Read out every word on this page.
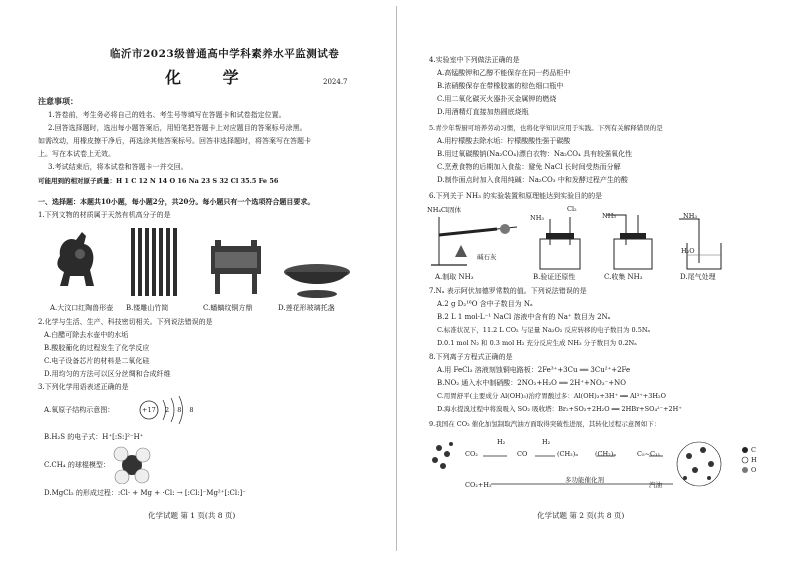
临沂市2023级普通高中学科素养水平监测试卷
化 学	2024.7
注意事项：
1.答卷前，考生务必将自己的姓名、考生号等填写在答题卡和试卷指定位置。
2.回答选择题时，选出每小题答案后，用铅笔把答题卡上对应题目的答案标号涂黑。
如需改动，用橡皮擦干净后，再选涂其他答案标号。回答非选择题时，将答案写在答题卡
上。写在本试卷上无效。
3.考试结束后，将本试卷和答题卡一并交回。
可能用到的相对原子质量：H 1 C 12 N 14 O 16 Na 23 S 32 Cl 35.5 Fe 56
一、选择题：本题共10小题，每小题2分，共20分。每小题只有一个选项符合题目要求。
1.下列文物的材质属于天然有机高分子的是
A.大汶口红陶兽形壶 B.镂雕山竹简	C.蟠螭纹铜方鼎	D.莲花形玻璃托盏
2.化学与生活、生产、科技密切相关。下列说法错误的是
A.白醋可除去水壶中的水垢
B.酸胶葡化的过程发生了化学反应
C.电子设备芯片的材料是二氧化硅
D.用均匀的方法可以区分丝绸和合成纤维
3.下列化学用语表述正确的是
A.氧原子结构示意图：	+17 2 8 8
B.H₂S 的电子式：H⁺[:S:]²⁻H⁺
C.CH₄ 的球棍模型：
D.MgCl₂ 的形成过程：:Cl· + Mg + ·Cl: → [:Cl:]⁻Mg²⁺[:Cl:]⁻
化学试题 第 1 页(共 8 页)
4.实验室中下列做法正确的是
A.高锰酸钾和乙醇不能保存在同一药品柜中
B.浓硝酸保存在带橡胶塞的棕色细口瓶中
C.用二氧化碳灭火器扑灭金属钾的燃烧
D.用酒精灯直接加热圆底烧瓶
5.青少年帮厨可培养劳动习惯，也将化学知识应用于实践。下列有关解释错误的是
A.用柠檬酸去除水垢：柠檬酸酸性强于碳酸
B.用过氧碳酸钠(Na₂CO₄)漂白衣物：Na₂CO₄ 具有较强氧化性
C.烹煮食物的后期加入食盐：避免 NaCl 长时间受热而分解
D.制作面点时加入食用纯碱：Na₂CO₃ 中和发酵过程产生的酸
6.下列关于 NH₃ 的实验装置和原理能达到实验目的的是
NH₄Cl固体
碱石灰
NH₃
Cl₂
NH₃	NH₃
H₂O
A.制取 NH₃	B.验证还原性	C.收集 NH₃	D.尾气处理
7.Nₐ 表示阿伏加德罗常数的值。下列说法错误的是
A.2 g D₂¹⁶O 含中子数目为 Nₐ
B.2 L 1 mol·L⁻¹ NaCl 溶液中含有的 Na⁺ 数目为 2Nₐ
C.标准状况下，11.2 L CO₂ 与足量 Na₂O₂ 反应转移的电子数目为 0.5Nₐ
D.0.1 mol N₂ 和 0.3 mol H₂ 充分反应生成 NH₃ 分子数目为 0.2Nₐ
8.下列离子方程式正确的是
A.用 FeCl₃ 溶液刻蚀铜电路板：2Fe³⁺+3Cu ══ 3Cu²⁺+2Fe
B.NO₂ 通入水中制硝酸：2NO₂+H₂O ══ 2H⁺+NO₃⁻+NO
C.用胃舒平(主要成分 Al(OH)₃)治疗胃酸过多：Al(OH)₃+3H⁺ ══ Al³⁺+3H₂O
D.海水提溴过程中将溴吸入 SO₂ 吸收塔：Br₂+SO₂+2H₂O ══ 2HBr+SO₄²⁻+2H⁺
9.我国在 CO₂ 催化加氢制取汽油方面取得突破性进展，其转化过程示意图如下：
CO₂
H₂
CO
H₂
(CH₂)ₙ	(CH₂)ₙ	C₅~C₁₁
CO₂+H₂
多功能催化剂
汽油
C
H
O
化学试题 第 2 页(共 8 页)
